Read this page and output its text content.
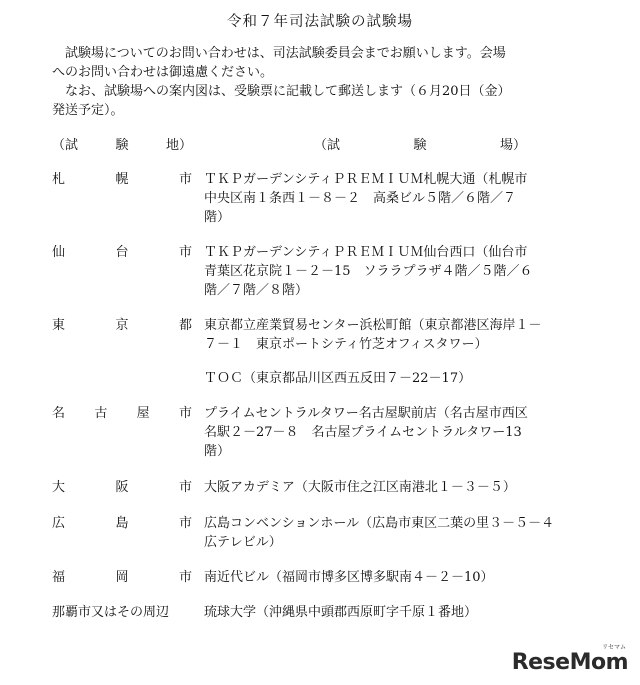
令和７年司法試験の試験場

試験場についてのお問い合わせは、司法試験委員会までお願いします。会場

へのお問い合わせは御遠慮ください。

なお、試験場への案内図は、受験票に記載して郵送します（６月20日（金）

発送予定）。

（試	験	地）	（試	験	場）
札	幌	市 ＴＫＰガーデンシティＰＲＥＭＩＵＭ札幌大通（札幌市
中央区南１条西１－８－２　高桑ビル５階／６階／７
階）
仙	台	市 ＴＫＰガーデンシティＰＲＥＭＩＵＭ仙台西口（仙台市
青葉区花京院１－２－15　ソララプラザ４階／５階／６
階／７階／８階）
東	京	都 東京都立産業貿易センター浜松町館（東京都港区海岸１－
７－１　東京ポートシティ竹芝オフィスタワー）
ＴＯＣ（東京都品川区西五反田７－22－17）
名 古 屋 市 プライムセントラルタワー名古屋駅前店（名古屋市西区
名駅２－27－８　名古屋プライムセントラルタワー13
階）
大	阪	市 大阪アカデミア（大阪市住之江区南港北１－３－５）
広	島	市 広島コンベンションホール（広島市東区二葉の里３－５－４
広テレビル）
福	岡	市 南近代ビル（福岡市博多区博多駅南４－２－10）
那覇市又はその周辺	琉球大学（沖縄県中頭郡西原町字千原１番地）
リセマム
ReseMom
